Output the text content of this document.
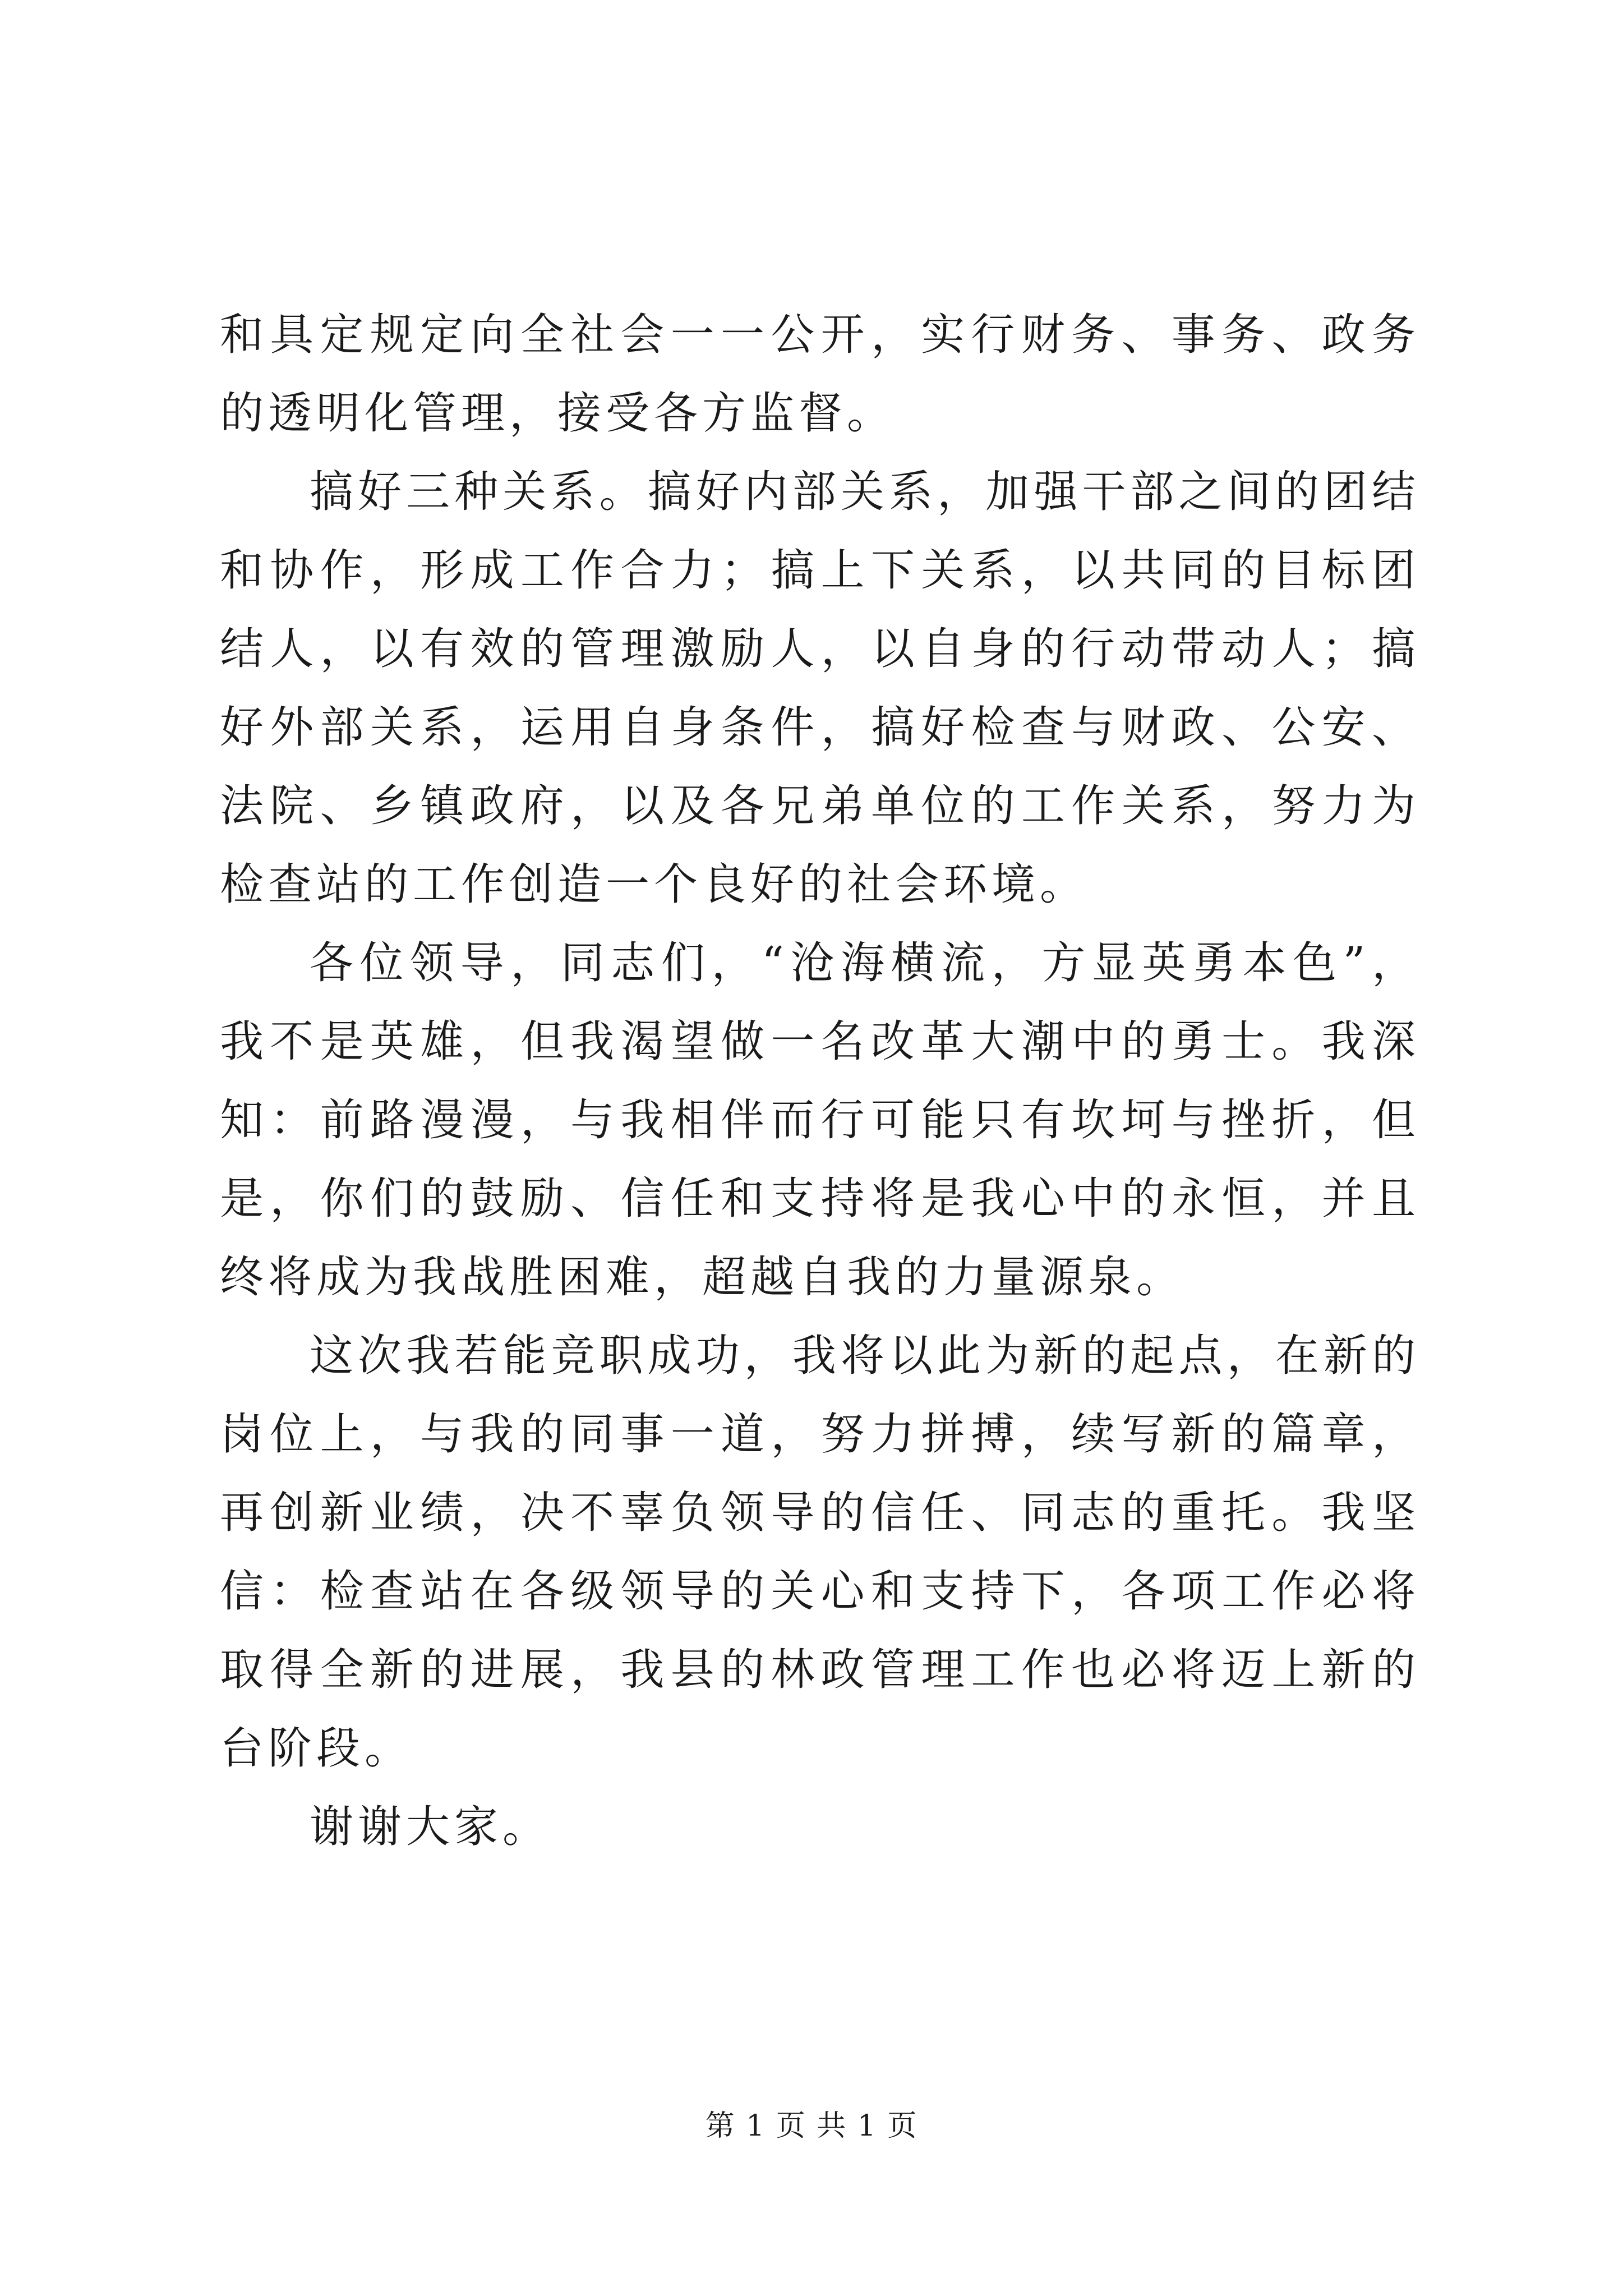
和具定规定向全社会一一公开，实行财务、事务、政务的透明化管理，接受各方监督。

搞好三种关系。搞好内部关系，加强干部之间的团结和协作，形成工作合力；搞上下关系，以共同的目标团结人，以有效的管理激励人，以自身的行动带动人；搞好外部关系，运用自身条件，搞好检查与财政、公安、法院、乡镇政府，以及各兄弟单位的工作关系，努力为检查站的工作创造一个良好的社会环境。

各位领导，同志们，“沧海横流，方显英勇本色”，我不是英雄，但我渴望做一名改革大潮中的勇士。我深知：前路漫漫，与我相伴而行可能只有坎坷与挫折，但是，你们的鼓励、信任和支持将是我心中的永恒，并且终将成为我战胜困难，超越自我的力量源泉。

这次我若能竞职成功，我将以此为新的起点，在新的岗位上，与我的同事一道，努力拼搏，续写新的篇章，再创新业绩，决不辜负领导的信任、同志的重托。我坚信：检查站在各级领导的关心和支持下，各项工作必将取得全新的进展，我县的林政管理工作也必将迈上新的台阶段。

谢谢大家。

第 1 页 共 1 页
